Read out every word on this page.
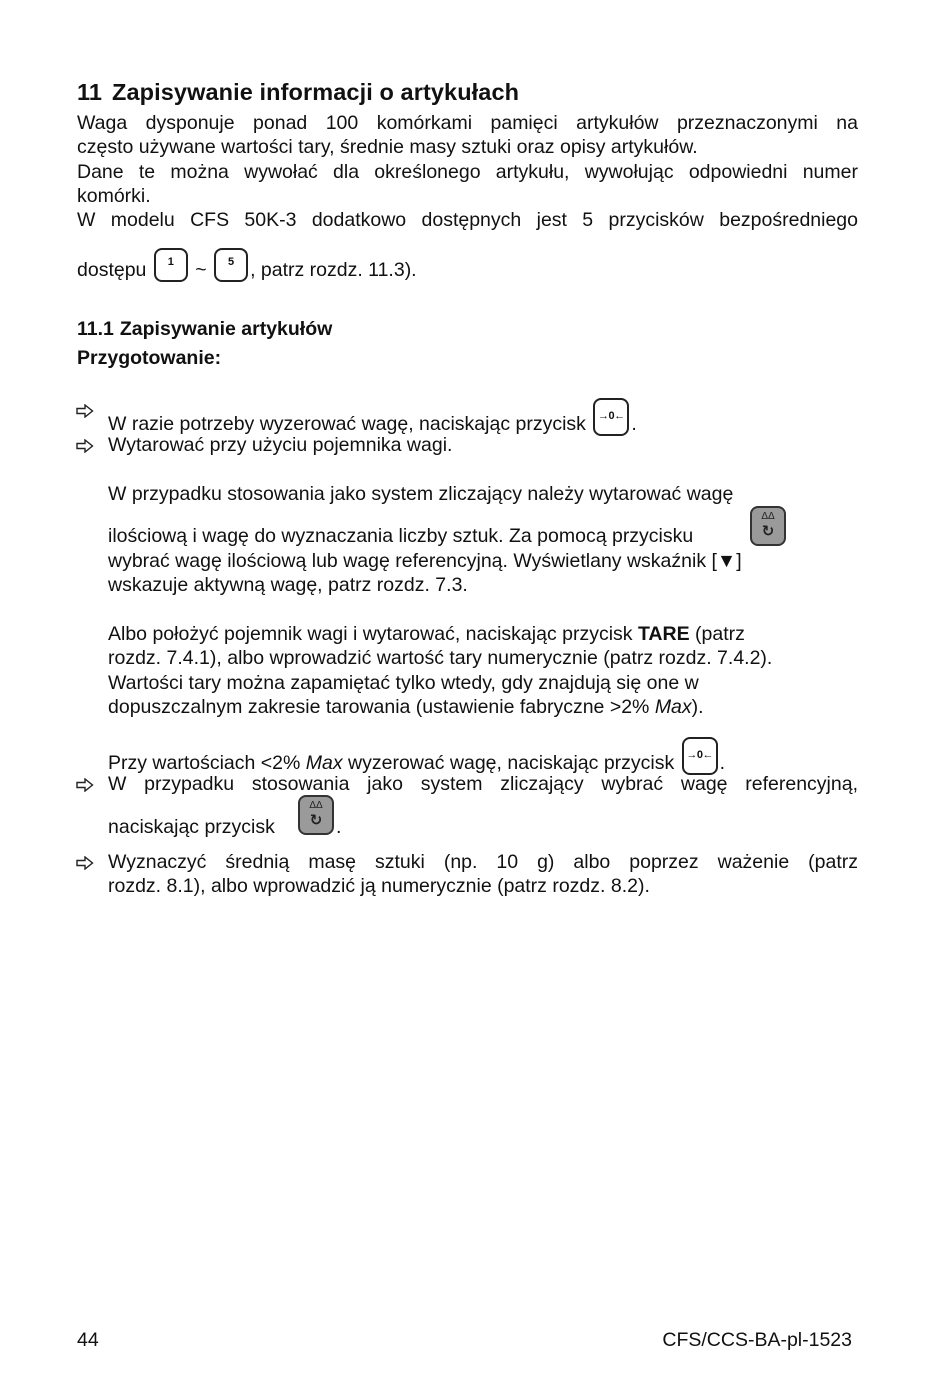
11 Zapisywanie informacji o artykułach
Waga dysponuje ponad 100 komórkami pamięci artykułów przeznaczonymi na
często używane wartości tary, średnie masy sztuki oraz opisy artykułów.
Dane te można wywołać dla określonego artykułu, wywołując odpowiedni numer
komórki.
W modelu CFS 50K-3 dodatkowo dostępnych jest 5 przycisków bezpośredniego
dostępu	1	~	5 , patrz rozdz. 11.3).
11.1 Zapisywanie artykułów
Przygotowanie:
W razie potrzeby wyzerować wagę, naciskając przycisk →0← .
Wytarować przy użyciu pojemnika wagi.
W przypadku stosowania jako system zliczający należy wytarować wagę
ilościową i wagę do wyznaczania liczby sztuk. Za pomocą przycisku
ΔΔ
↻
wybrać wagę ilościową lub wagę referencyjną. Wyświetlany wskaźnik [▼]
wskazuje aktywną wagę, patrz rozdz. 7.3.
Albo położyć pojemnik wagi i wytarować, naciskając przycisk TARE (patrz
rozdz. 7.4.1), albo wprowadzić wartość tary numerycznie (patrz rozdz. 7.4.2).
Wartości tary można zapamiętać tylko wtedy, gdy znajdują się one w
dopuszczalnym zakresie tarowania (ustawienie fabryczne >2% Max).
Przy wartościach <2% Max wyzerować wagę, naciskając przycisk →0← .
W przypadku stosowania jako system zliczający wybrać wagę referencyjną,
naciskając przycisk
ΔΔ
↻ .
Wyznaczyć średnią masę sztuki (np. 10 g) albo poprzez ważenie (patrz
rozdz. 8.1), albo wprowadzić ją numerycznie (patrz rozdz. 8.2).
44	CFS/CCS-BA-pl-1523
